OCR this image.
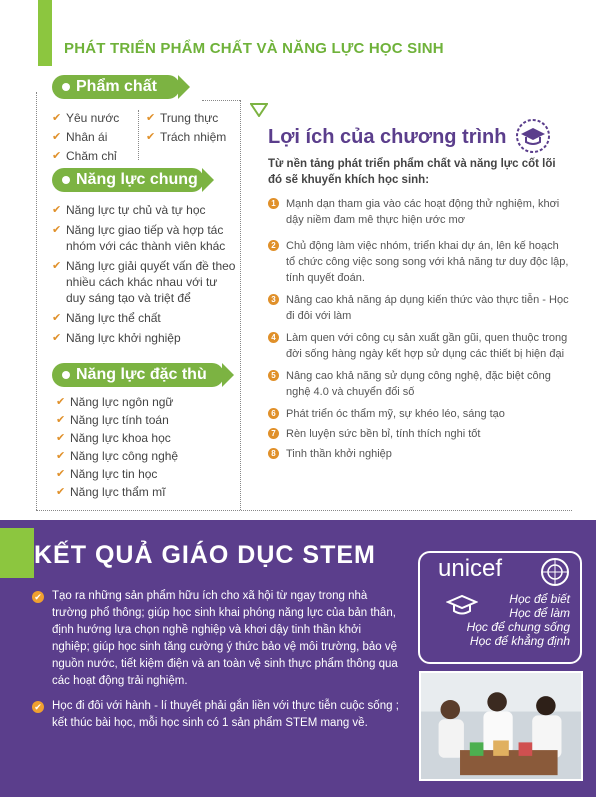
PHÁT TRIỂN PHẨM CHẤT VÀ NĂNG LỰC HỌC SINH
Phẩm chất
✔ Yêu nước
✔ Nhân ái
✔ Chăm chỉ
✔ Trung thực
✔ Trách nhiệm
Năng lực chung
✔ Năng lực tự chủ và tự học
✔ Năng lực giao tiếp và hợp tác nhóm với các thành viên khác
✔ Năng lực giải quyết vấn đề theo nhiều cách khác nhau với tư duy sáng tạo và triệt để
✔ Năng lực thể chất
✔ Năng lực khởi nghiệp
Năng lực đặc thù
✔ Năng lực ngôn ngữ
✔ Năng lực tính toán
✔ Năng lực khoa học
✔ Năng lực công nghệ
✔ Năng lực tin học
✔ Năng lực thẩm mĩ
Lợi ích của chương trình
Từ nền tảng phát triển phẩm chất và năng lực cốt lõi đó sẽ khuyến khích học sinh:
1 Mạnh dạn tham gia vào các hoạt động thử nghiệm, khơi dậy niềm đam mê thực hiện ước mơ
2 Chủ động làm việc nhóm, triển khai dự án, lên kế hoạch tổ chức công việc song song với khả năng tư duy độc lập, tính quyết đoán.
3 Nâng cao khả năng áp dụng kiến thức vào thực tiễn - Học đi đôi với làm
4 Làm quen với công cụ sản xuất gần gũi, quen thuộc trong đời sống hàng ngày kết hợp sử dụng các thiết bị hiện đại
5 Nâng cao khả năng sử dụng công nghệ, đặc biệt công nghệ 4.0 và chuyển đổi số
6 Phát triển óc thẩm mỹ, sự khéo léo, sáng tạo
7 Rèn luyện sức bền bỉ, tính thích nghi tốt
8 Tinh thần khởi nghiệp
KẾT QUẢ GIÁO DỤC STEM
✔ Tạo ra những sản phẩm hữu ích cho xã hội từ ngay trong nhà trường phổ thông; giúp học sinh khai phóng năng lực của bản thân, định hướng lựa chọn nghề nghiệp và khơi dậy tinh thần khởi nghiệp; giúp học sinh tăng cường ý thức bảo vệ môi trường, bảo vệ nguồn nước, tiết kiệm điện và an toàn vệ sinh thực phẩm thông qua các hoạt động trải nghiệm.
✔ Học đi đôi với hành - lí thuyết phải gắn liền với thực tiễn cuộc sống ; kết thúc bài học, mỗi học sinh có 1 sản phẩm STEM mang về.
unicef
Học để biết
Học để làm
Học để chung sống
Học để khẳng định
